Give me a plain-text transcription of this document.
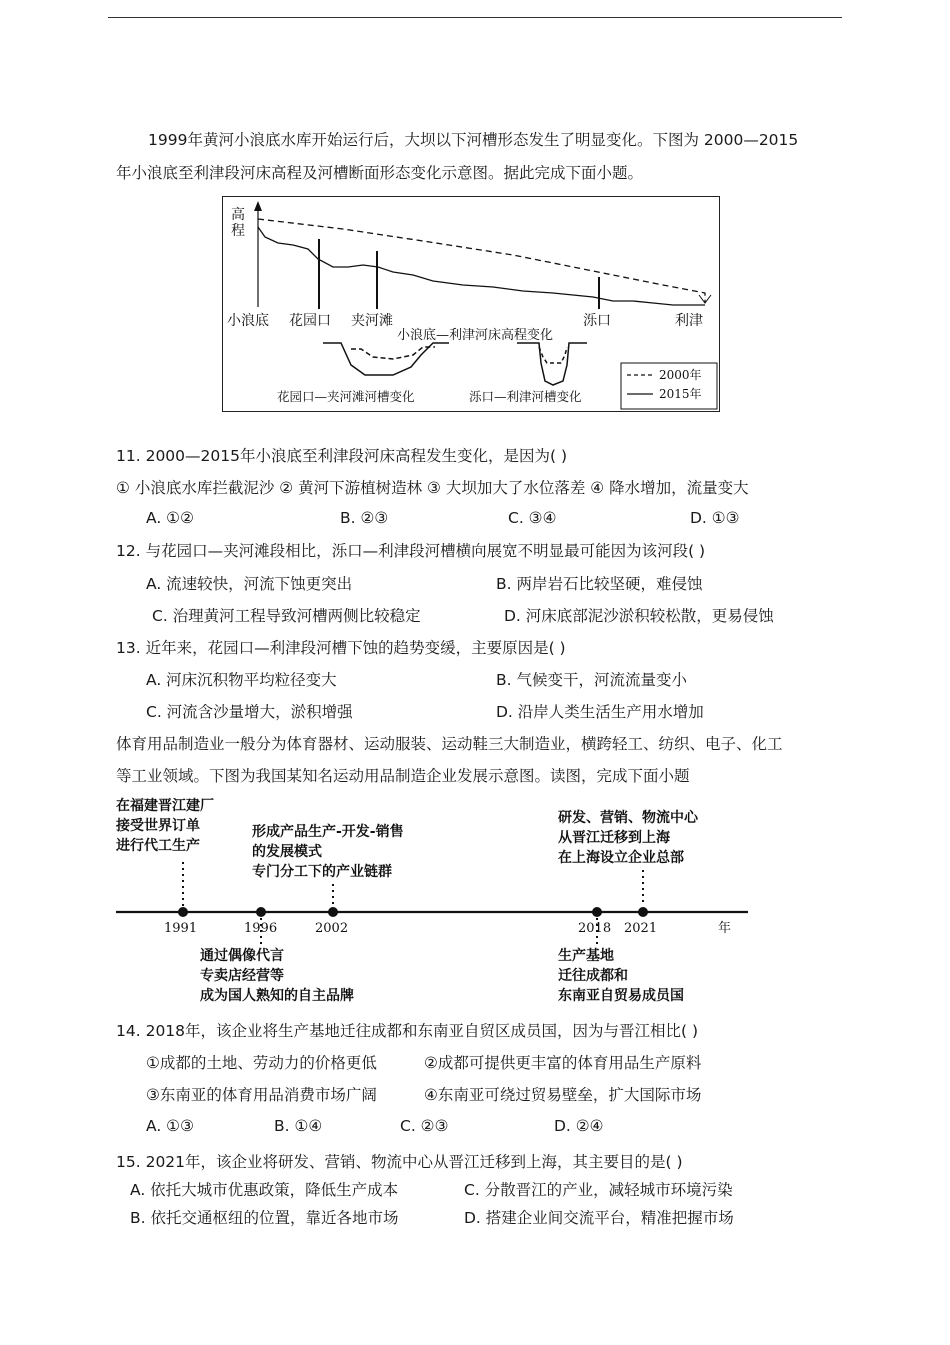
1999年黄河小浪底水库开始运行后，大坝以下河槽形态发生了明显变化。下图为 2000—2015
年小浪底至利津段河床高程及河槽断面形态变化示意图。据此完成下面小题。
高
程
小浪底 花园口 夹河滩	泺口	利津
小浪底—利津河床高程变化
花园口—夹河滩河槽变化	泺口—利津河槽变化
2000年
2015年
11. 2000—2015年小浪底至利津段河床高程发生变化，是因为( )
① 小浪底水库拦截泥沙 ② 黄河下游植树造林 ③ 大坝加大了水位落差 ④ 降水增加，流量变大
A. ①②	B. ②③	C. ③④	D. ①③
12. 与花园口—夹河滩段相比，泺口—利津段河槽横向展宽不明显最可能因为该河段( )
A. 流速较快，河流下蚀更突出	B. 两岸岩石比较坚硬，难侵蚀
C. 治理黄河工程导致河槽两侧比较稳定	D. 河床底部泥沙淤积较松散，更易侵蚀
13. 近年来，花园口—利津段河槽下蚀的趋势变缓，主要原因是( )
A. 河床沉积物平均粒径变大	B. 气候变干，河流流量变小
C. 河流含沙量增大，淤积增强	D. 沿岸人类生活生产用水增加
体育用品制造业一般分为体育器材、运动服装、运动鞋三大制造业，横跨轻工、纺织、电子、化工
等工业领域。下图为我国某知名运动用品制造企业发展示意图。读图，完成下面小题
在福建晋江建厂
接受世界订单
进行代工生产
形成产品生产-开发-销售
的发展模式
专门分工下的产业链群
研发、营销、物流中心
从晋江迁移到上海
在上海设立企业总部
1991	1996	2002	2018 2021	年
通过偶像代言
专卖店经营等
成为国人熟知的自主品牌
生产基地
迁往成都和
东南亚自贸易成员国
14. 2018年，该企业将生产基地迁往成都和东南亚自贸区成员国，因为与晋江相比( )
①成都的土地、劳动力的价格更低	②成都可提供更丰富的体育用品生产原料
③东南亚的体育用品消费市场广阔	④东南亚可绕过贸易壁垒，扩大国际市场
A. ①③	B. ①④	C. ②③	D. ②④
15. 2021年，该企业将研发、营销、物流中心从晋江迁移到上海，其主要目的是( )
A. 依托大城市优惠政策，降低生产成本	C. 分散晋江的产业，减轻城市环境污染
B. 依托交通枢纽的位置，靠近各地市场	D. 搭建企业间交流平台，精准把握市场
